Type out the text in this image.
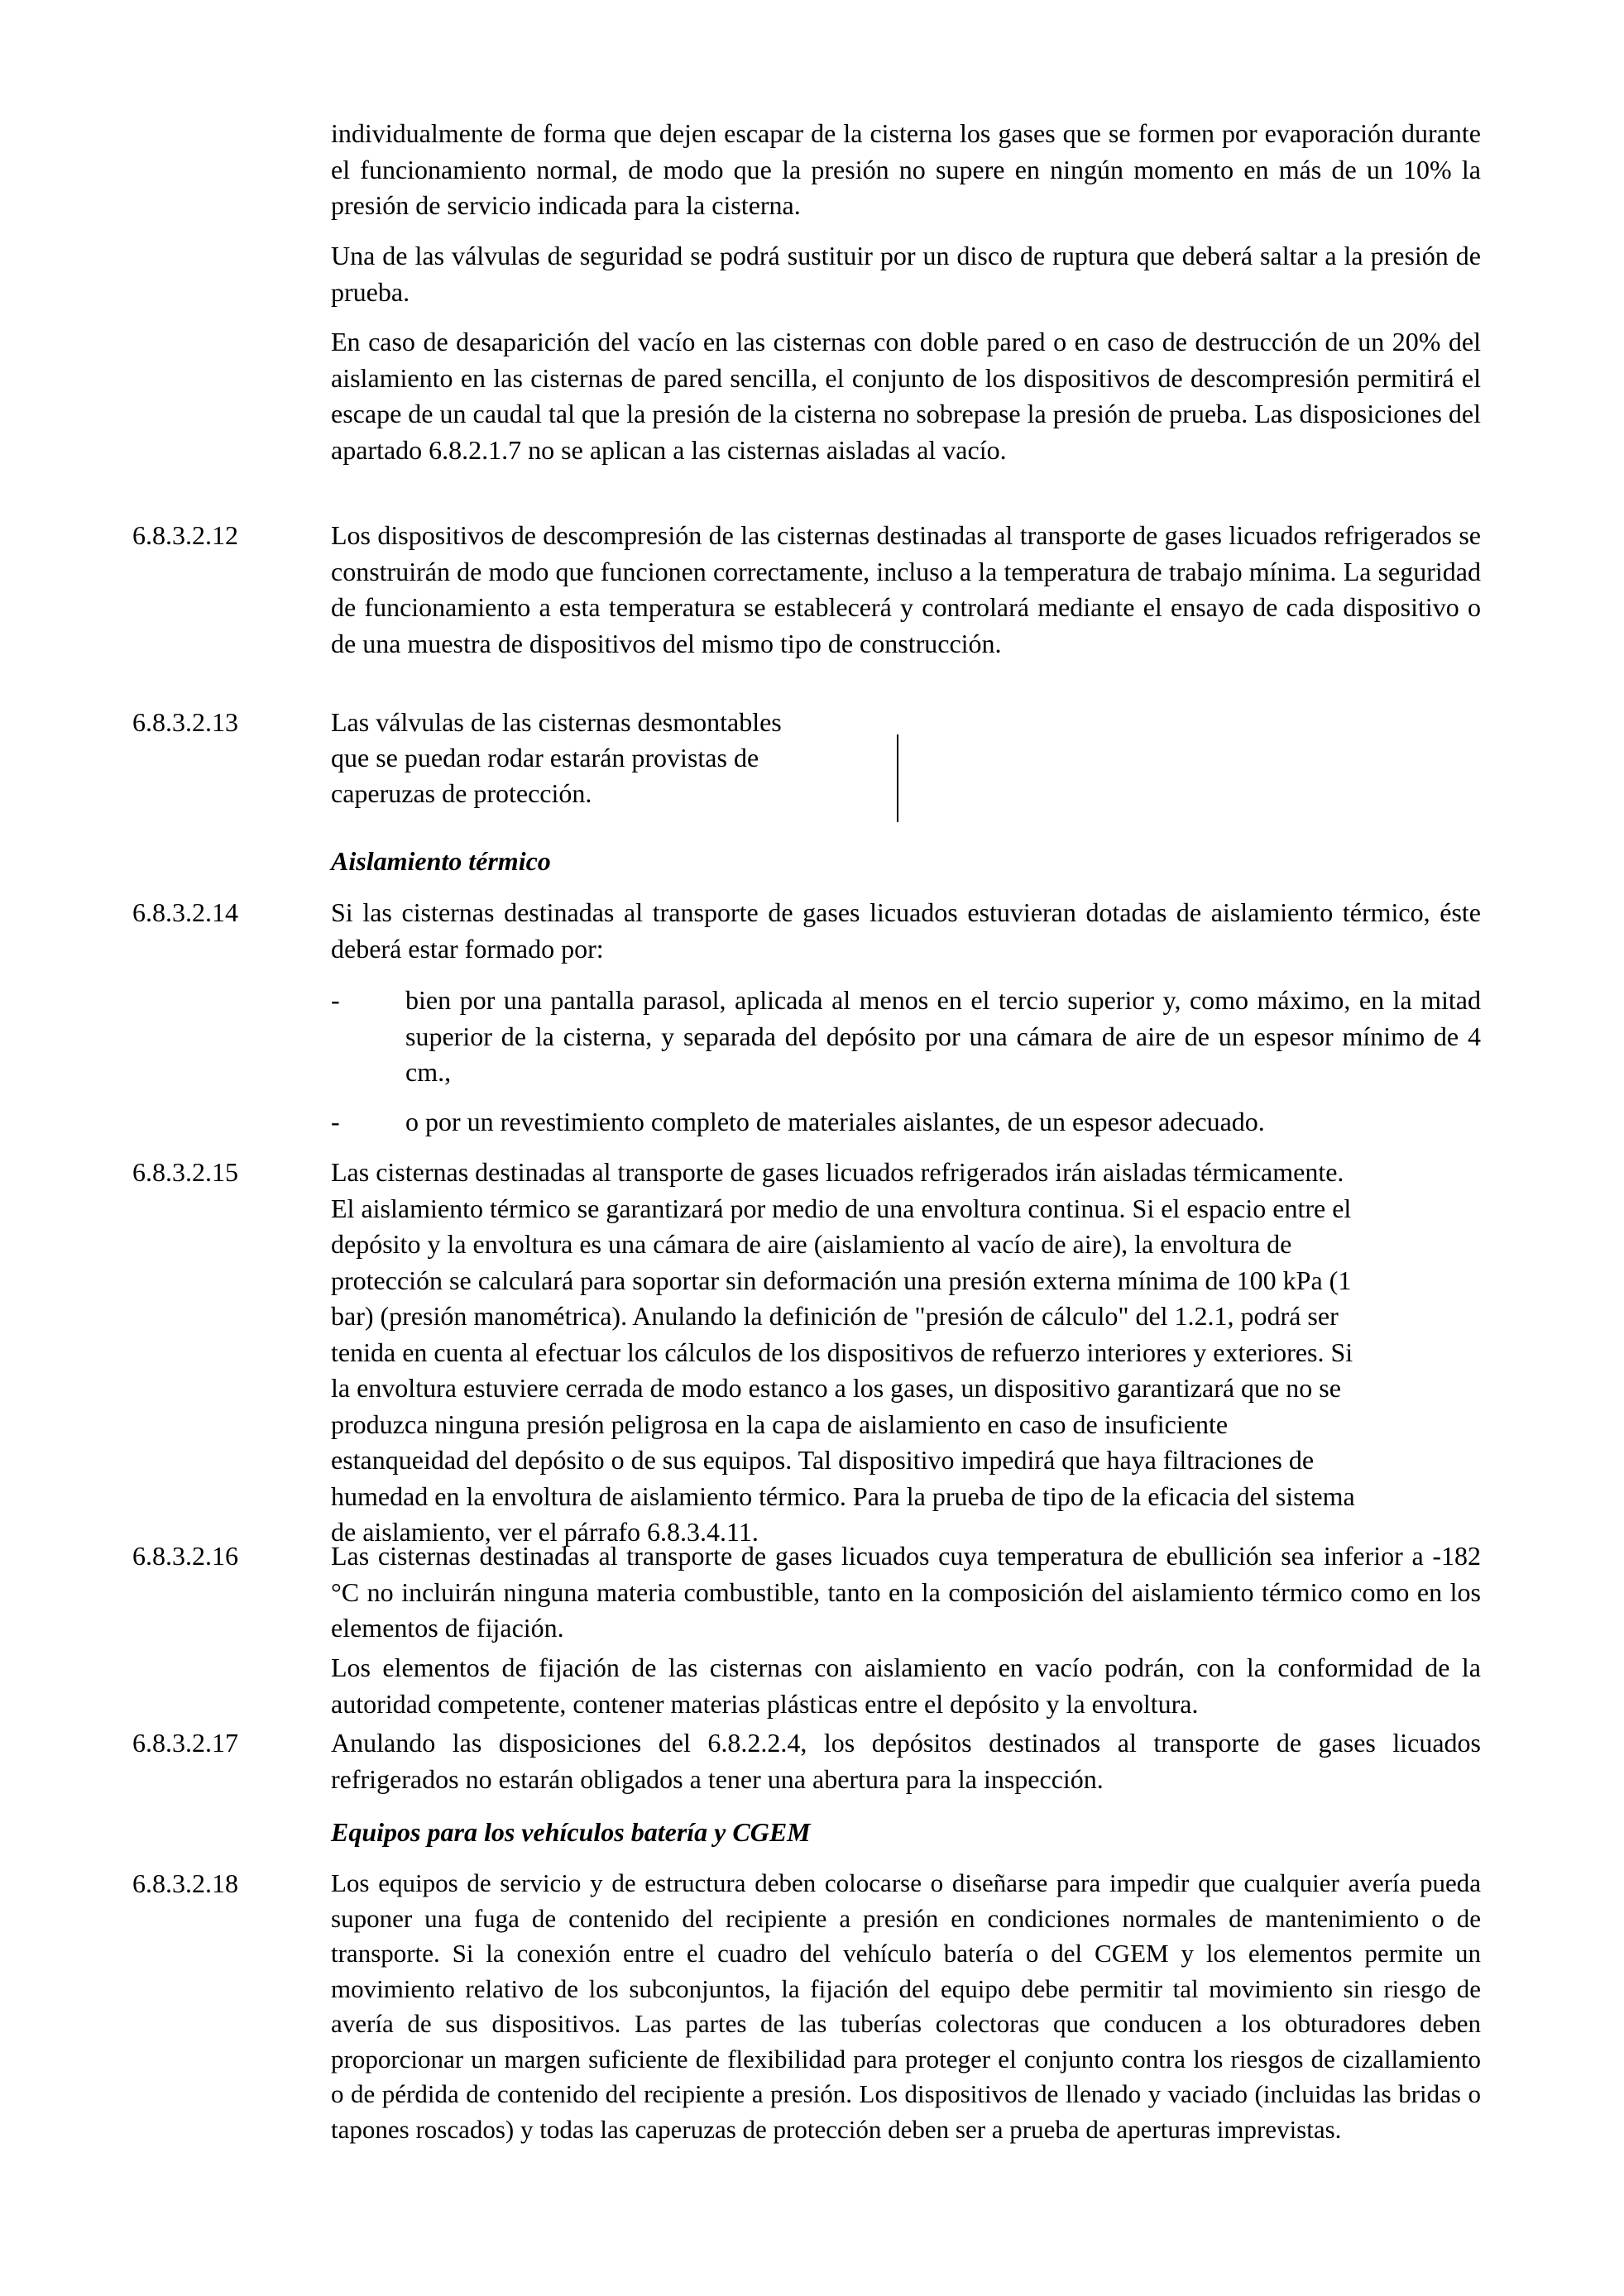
individualmente de forma que dejen escapar de la cisterna los gases que se formen por evaporación durante el funcionamiento normal, de modo que la presión no supere en ningún momento en más de un 10% la presión de servicio indicada para la cisterna.

Una de las válvulas de seguridad se podrá sustituir por un disco de ruptura que deberá saltar a la presión de prueba.

En caso de desaparición del vacío en las cisternas con doble pared o en caso de destrucción de un 20% del aislamiento en las cisternas de pared sencilla, el conjunto de los dispositivos de descompresión permitirá el escape de un caudal tal que la presión de la cisterna no sobrepase la presión de prueba. Las disposiciones del apartado 6.8.2.1.7 no se aplican a las cisternas aisladas al vacío.

6.8.3.2.12	Los dispositivos de descompresión de las cisternas destinadas al transporte de gases licuados refrigerados se construirán de modo que funcionen correctamente, incluso a la temperatura de trabajo mínima. La seguridad de funcionamiento a esta temperatura se establecerá y controlará mediante el ensayo de cada dispositivo o de una muestra de dispositivos del mismo tipo de construcción.

6.8.3.2.13	Las válvulas de las cisternas desmontables

que se puedan rodar estarán provistas de

caperuzas de protección.

Aislamiento térmico

6.8.3.2.14	Si las cisternas destinadas al transporte de gases licuados estuvieran dotadas de aislamiento térmico, éste deberá estar formado por:

- bien por una pantalla parasol, aplicada al menos en el tercio superior y, como máximo, en la mitad superior de la cisterna, y separada del depósito por una cámara de aire de un espesor mínimo de 4 cm.,

- o por un revestimiento completo de materiales aislantes, de un espesor adecuado.

6.8.3.2.15	Las cisternas destinadas al transporte de gases licuados refrigerados irán aisladas térmicamente.

El aislamiento térmico se garantizará por medio de una envoltura continua. Si el espacio entre el

depósito y la envoltura es una cámara de aire (aislamiento al vacío de aire), la envoltura de

protección se calculará para soportar sin deformación una presión externa mínima de 100 kPa (1

bar) (presión manométrica). Anulando la definición de "presión de cálculo" del 1.2.1, podrá ser

tenida en cuenta al efectuar los cálculos de los dispositivos de refuerzo interiores y exteriores. Si

la envoltura estuviere cerrada de modo estanco a los gases, un dispositivo garantizará que no se

produzca ninguna presión peligrosa en la capa de aislamiento en caso de insuficiente

estanqueidad del depósito o de sus equipos. Tal dispositivo impedirá que haya filtraciones de

humedad en la envoltura de aislamiento térmico. Para la prueba de tipo de la eficacia del sistema

de aislamiento, ver el párrafo 6.8.3.4.11.

6.8.3.2.16	Las cisternas destinadas al transporte de gases licuados cuya temperatura de ebullición sea inferior a -182 °C no incluirán ninguna materia combustible, tanto en la composición del aislamiento térmico como en los elementos de fijación.

Los elementos de fijación de las cisternas con aislamiento en vacío podrán, con la conformidad de la autoridad competente, contener materias plásticas entre el depósito y la envoltura.

6.8.3.2.17	Anulando las disposiciones del 6.8.2.2.4, los depósitos destinados al transporte de gases licuados refrigerados no estarán obligados a tener una abertura para la inspección.

Equipos para los vehículos batería y CGEM

6.8.3.2.18	Los equipos de servicio y de estructura deben colocarse o diseñarse para impedir que cualquier avería pueda suponer una fuga de contenido del recipiente a presión en condiciones normales de mantenimiento o de transporte. Si la conexión entre el cuadro del vehículo batería o del CGEM y los elementos permite un movimiento relativo de los subconjuntos, la fijación del equipo debe permitir tal movimiento sin riesgo de avería de sus dispositivos. Las partes de las tuberías colectoras que conducen a los obturadores deben proporcionar un margen suficiente de flexibilidad para proteger el conjunto contra los riesgos de cizallamiento o de pérdida de contenido del recipiente a presión. Los dispositivos de llenado y vaciado (incluidas las bridas o tapones roscados) y todas las caperuzas de protección deben ser a prueba de aperturas imprevistas.
